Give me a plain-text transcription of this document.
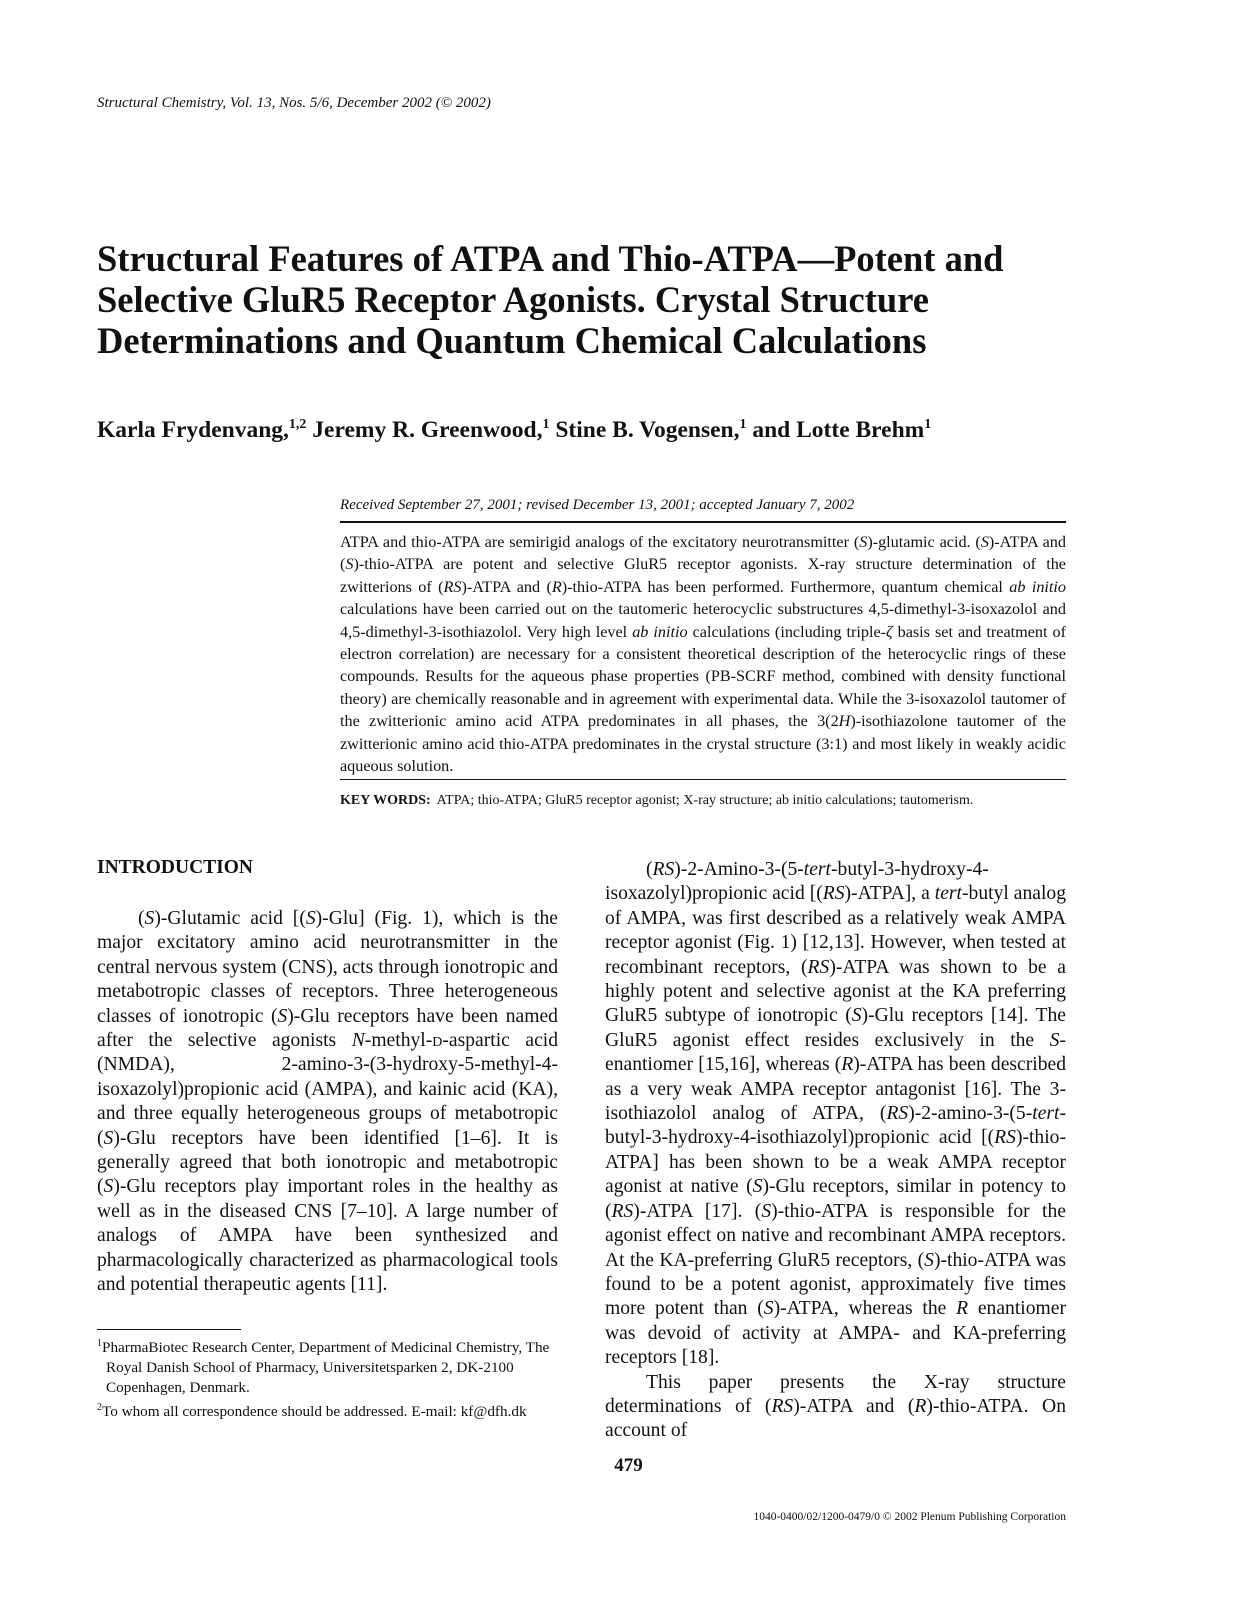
Structural Chemistry, Vol. 13, Nos. 5/6, December 2002 (© 2002)
Structural Features of ATPA and Thio-ATPA—Potent and Selective GluR5 Receptor Agonists. Crystal Structure Determinations and Quantum Chemical Calculations
Karla Frydenvang,$^{1,2}$ Jeremy R. Greenwood,$^1$ Stine B. Vogensen,$^1$ and Lotte Brehm$^1$
Received September 27, 2001; revised December 13, 2001; accepted January 7, 2002

ATPA and thio-ATPA are semirigid analogs of the excitatory neurotransmitter (S)-glutamic acid. (S)-ATPA and (S)-thio-ATPA are potent and selective GluR5 receptor agonists. X-ray structure determination of the zwitterions of (RS)-ATPA and (R)-thio-ATPA has been performed. Furthermore, quantum chemical ab initio calculations have been carried out on the tautomeric heterocyclic substructures 4,5-dimethyl-3-isoxazolol and 4,5-dimethyl-3-isothiazolol. Very high level ab initio calculations (including triple-ζ basis set and treatment of electron correlation) are necessary for a consistent theoretical description of the heterocyclic rings of these compounds. Results for the aqueous phase properties (PB-SCRF method, combined with density functional theory) are chemically reasonable and in agreement with experimental data. While the 3-isoxazolol tautomer of the zwitterionic amino acid ATPA predominates in all phases, the 3(2H)-isothiazolone tautomer of the zwitterionic amino acid thio-ATPA predominates in the crystal structure (3:1) and most likely in weakly acidic aqueous solution.

KEY WORDS: ATPA; thio-ATPA; GluR5 receptor agonist; X-ray structure; ab initio calculations; tautomerism.
INTRODUCTION

(S)-Glutamic acid [(S)-Glu] (Fig. 1), which is the major excitatory amino acid neurotransmitter in the central nervous system (CNS), acts through ionotropic and metabotropic classes of receptors. Three heterogeneous classes of ionotropic (S)-Glu receptors have been named after the selective agonists N-methyl-d-aspartic acid (NMDA), 2-amino-3-(3-hydroxy-5-methyl-4-isoxazolyl)propionic acid (AMPA), and kainic acid (KA), and three equally heterogeneous groups of metabotropic (S)-Glu receptors have been identified [1–6]. It is generally agreed that both ionotropic and metabotropic (S)-Glu receptors play important roles in the healthy as well as in the diseased CNS [7–10]. A large number of analogs of AMPA have been synthesized and pharmacologically characterized as pharmacological tools and potential therapeutic agents [11].

(RS)-2-Amino-3-(5-tert-butyl-3-hydroxy-4-isoxazolyl)propionic acid [(RS)-ATPA], a tert-butyl analog of AMPA, was first described as a relatively weak AMPA receptor agonist (Fig. 1) [12,13]. However, when tested at recombinant receptors, (RS)-ATPA was shown to be a highly potent and selective agonist at the KA preferring GluR5 subtype of ionotropic (S)-Glu receptors [14]. The GluR5 agonist effect resides exclusively in the S-enantiomer [15,16], whereas (R)-ATPA has been described as a very weak AMPA receptor antagonist [16]. The 3-isothiazolol analog of ATPA, (RS)-2-amino-3-(5-tert-butyl-3-hydroxy-4-isothiazolyl)propionic acid [(RS)-thio-ATPA] has been shown to be a weak AMPA receptor agonist at native (S)-Glu receptors, similar in potency to (RS)-ATPA [17]. (S)-thio-ATPA is responsible for the agonist effect on native and recombinant AMPA receptors. At the KA-preferring GluR5 receptors, (S)-thio-ATPA was found to be a potent agonist, approximately five times more potent than (S)-ATPA, whereas the R enantiomer was devoid of activity at AMPA- and KA-preferring receptors [18].

This paper presents the X-ray structure determinations of (RS)-ATPA and (R)-thio-ATPA. On account of

$^1$PharmaBiotec Research Center, Department of Medicinal Chemistry, The Royal Danish School of Pharmacy, Universitetsparken 2, DK-2100 Copenhagen, Denmark.
$^2$To whom all correspondence should be addressed. E-mail: kf@dfh.dk
479
1040-0400/02/1200-0479/0 © 2002 Plenum Publishing Corporation
